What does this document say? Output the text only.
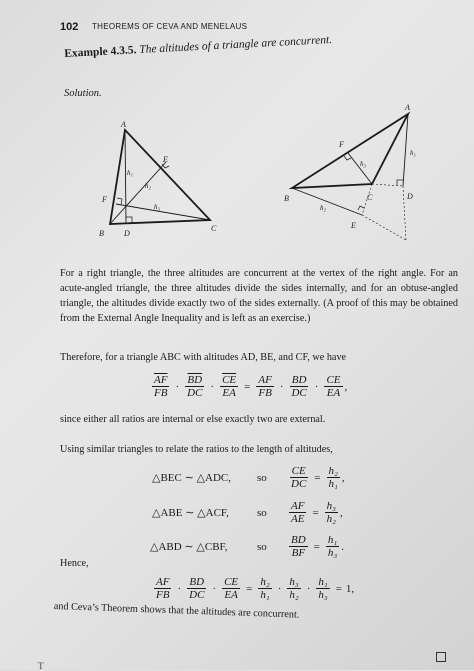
102 THEOREMS OF CEVA AND MENELAUS
Example 4.3.5. The altitudes of a triangle are concurrent.
Solution.
A
B
C
D
E
F
h₁
h₂
h₃
A
B	C	D
E
F
h₁
h₂
h₃
For a right triangle, the three altitudes are concurrent at the vertex of the right angle. For an acute-angled triangle, the three altitudes divide the sides internally, and for an obtuse-angled triangle, the altitudes divide exactly two of the sides externally. (A proof of this may be obtained from the External Angle Inequality and is left as an exercise.)
Therefore, for a triangle ABC with altitudes AD, BE, and CF, we have
$\frac{\overline{AF}}{FB} \cdot \frac{\overline{BD}}{DC} \cdot \frac{\overline{CE}}{EA} = \frac{AF}{FB} \cdot \frac{BD}{DC} \cdot \frac{CE}{EA}$ ,
since either all ratios are internal or else exactly two are external.
Using similar triangles to relate the ratios to the length of altitudes,
△BEC ∼ △ADC,	so	$\frac{CE}{DC} = \frac{\text{h₂}}{\text{h₁}}$ ,
△ABE ∼ △ACF,	so	$\frac{AF}{AE} = \frac{\text{h₃}}{\text{h₂}}$ ,
△ABD ∼ △CBF,	so	$\frac{BD}{BF} = \frac{\text{h₁}}{\text{h₃}}$ .
Hence,
$\frac{AF}{FB} \cdot \frac{BD}{DC} \cdot \frac{CE}{EA} = \frac{\text{h₂}}{\text{h₁}} \cdot \frac{\text{h₃}}{\text{h₂}} \cdot \frac{\text{h₁}}{\text{h₃}} = 1$,
and Ceva’s Theorem shows that the altitudes are concurrent.
T
